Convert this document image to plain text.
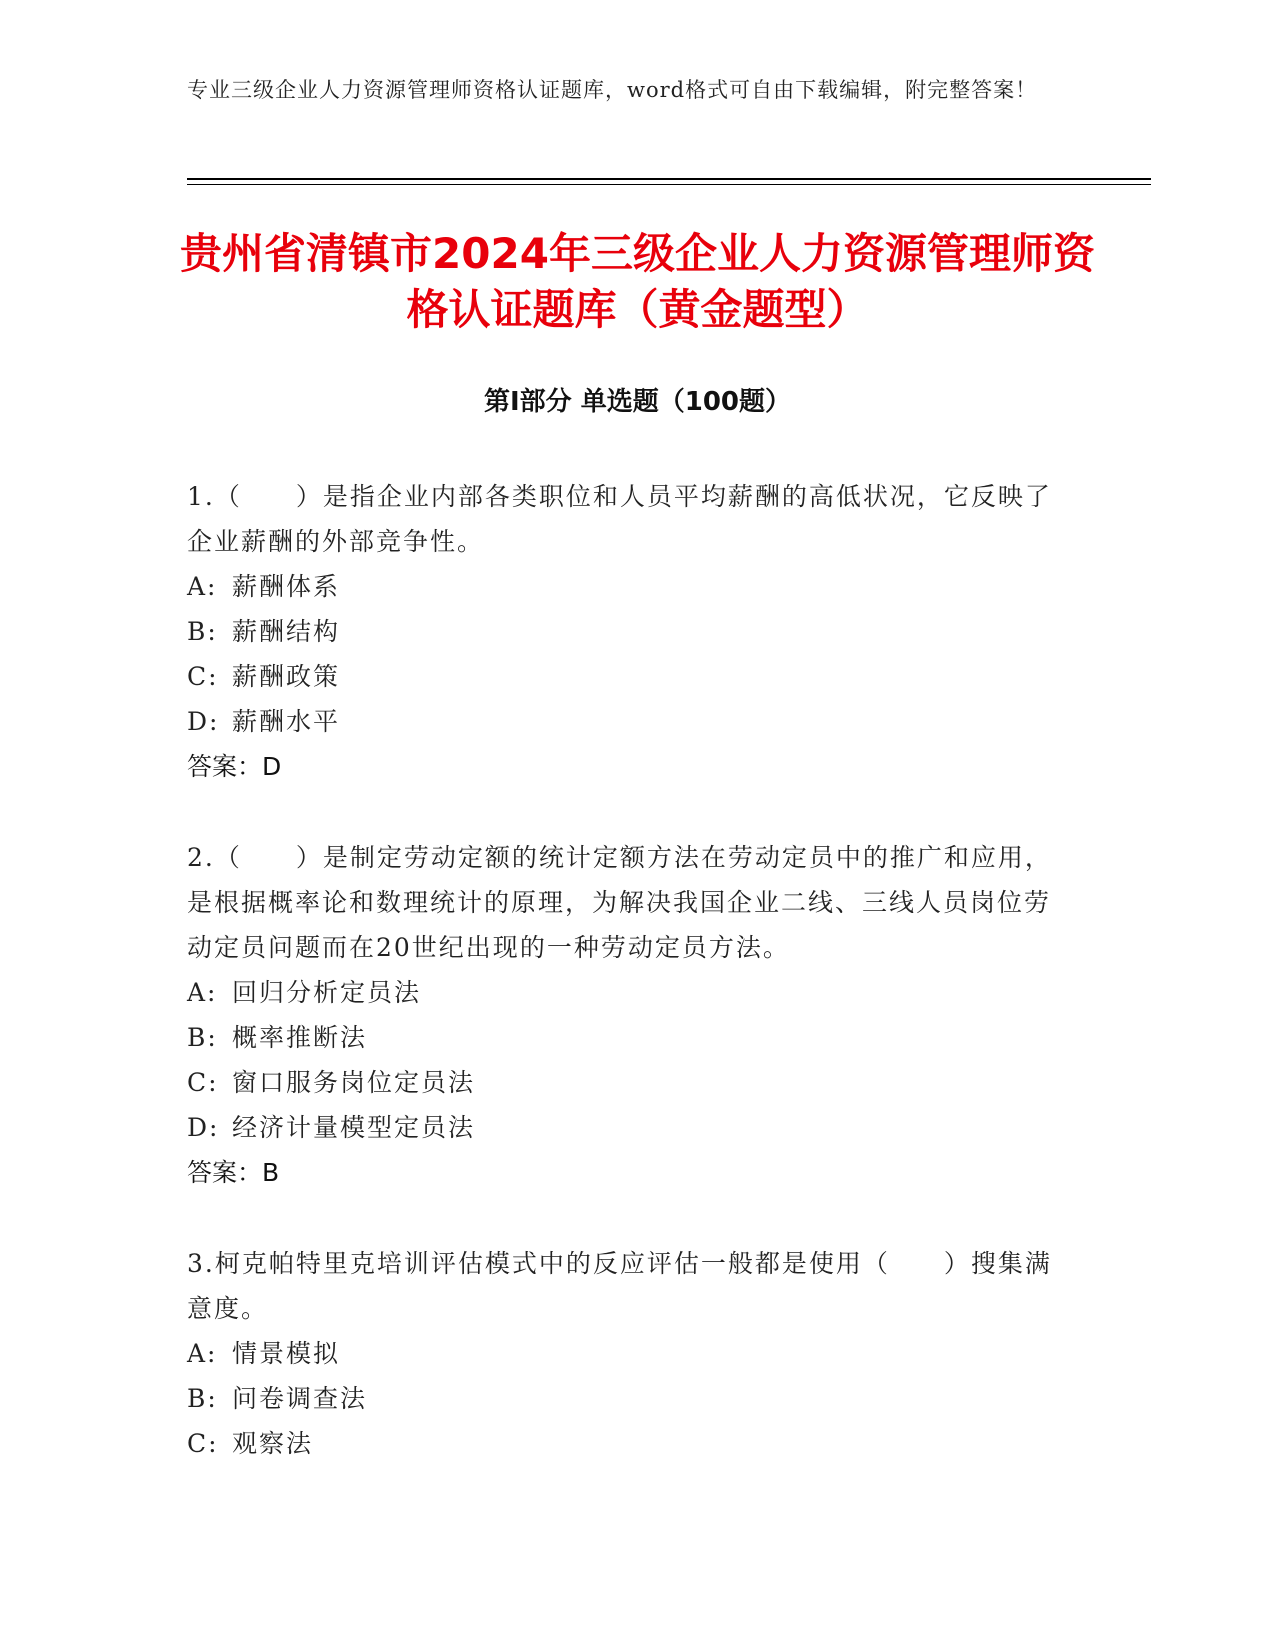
专业三级企业人力资源管理师资格认证题库，word格式可自由下载编辑，附完整答案！
贵州省清镇市2024年三级企业人力资源管理师资格认证题库（黄金题型）
第Ⅰ部分 单选题（100题）

1.（　　）是指企业内部各类职位和人员平均薪酬的高低状况，它反映了企业薪酬的外部竞争性。

A: 薪酬体系

B: 薪酬结构

C: 薪酬政策

D: 薪酬水平

答案：D

2.（　　）是制定劳动定额的统计定额方法在劳动定员中的推广和应用，是根据概率论和数理统计的原理，为解决我国企业二线、三线人员岗位劳动定员问题而在20世纪出现的一种劳动定员方法。

A: 回归分析定员法

B: 概率推断法

C: 窗口服务岗位定员法

D: 经济计量模型定员法

答案：B

3.柯克帕特里克培训评估模式中的反应评估一般都是使用（　　）搜集满意度。

A: 情景模拟

B: 问卷调查法

C: 观察法
